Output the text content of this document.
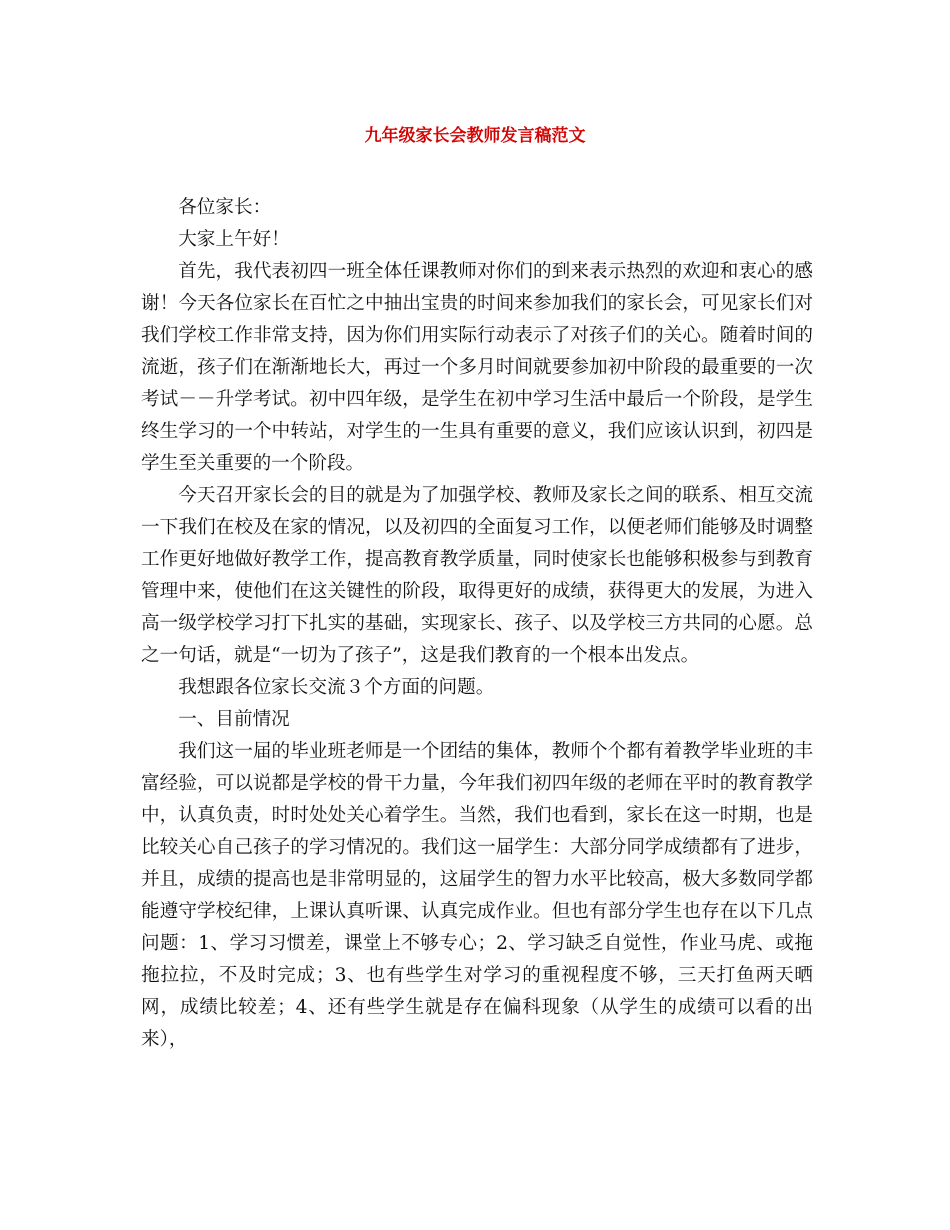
九年级家长会教师发言稿范文

各位家长：

大家上午好！

首先，我代表初四一班全体任课教师对你们的到来表示热烈的欢迎和衷心的感谢！今天各位家长在百忙之中抽出宝贵的时间来参加我们的家长会，可见家长们对我们学校工作非常支持，因为你们用实际行动表示了对孩子们的关心。随着时间的流逝，孩子们在渐渐地长大，再过一个多月时间就要参加初中阶段的最重要的一次考试－－升学考试。初中四年级，是学生在初中学习生活中最后一个阶段，是学生终生学习的一个中转站，对学生的一生具有重要的意义，我们应该认识到，初四是学生至关重要的一个阶段。

今天召开家长会的目的就是为了加强学校、教师及家长之间的联系、相互交流一下我们在校及在家的情况，以及初四的全面复习工作，以便老师们能够及时调整工作更好地做好教学工作，提高教育教学质量，同时使家长也能够积极参与到教育管理中来，使他们在这关键性的阶段，取得更好的成绩，获得更大的发展，为进入高一级学校学习打下扎实的基础，实现家长、孩子、以及学校三方共同的心愿。总之一句话，就是“一切为了孩子”，这是我们教育的一个根本出发点。

我想跟各位家长交流３个方面的问题。

一、目前情况

我们这一届的毕业班老师是一个团结的集体，教师个个都有着教学毕业班的丰富经验，可以说都是学校的骨干力量，今年我们初四年级的老师在平时的教育教学中，认真负责，时时处处关心着学生。当然，我们也看到，家长在这一时期，也是比较关心自己孩子的学习情况的。我们这一届学生：大部分同学成绩都有了进步，并且，成绩的提高也是非常明显的，这届学生的智力水平比较高，极大多数同学都能遵守学校纪律，上课认真听课、认真完成作业。但也有部分学生也存在以下几点问题：1、学习习惯差，课堂上不够专心；2、学习缺乏自觉性，作业马虎、或拖拖拉拉，不及时完成；3、也有些学生对学习的重视程度不够，三天打鱼两天晒网，成绩比较差；4、还有些学生就是存在偏科现象（从学生的成绩可以看的出来），
